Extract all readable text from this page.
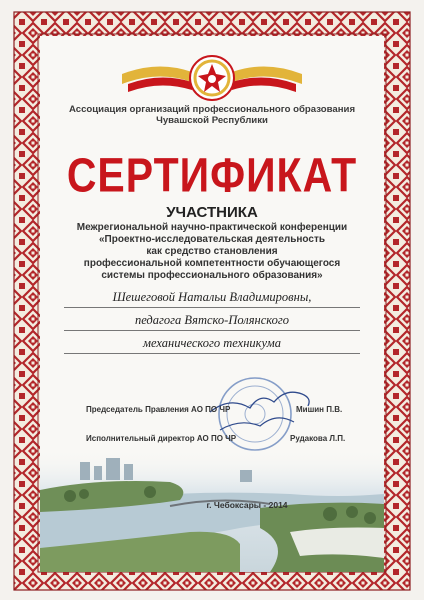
Ассоциация организаций профессионального образования
Чувашской Республики
СЕРТИФИКАТ
УЧАСТНИКА
Межрегиональной научно-практической конференции
«Проектно-исследовательская деятельность
как средство становления
профессиональной компетентности обучающегося
системы профессионального образования»
Шешеговой Натальи Владимировны,
педагога Вятско-Полянского
механического техникума
Председатель Правления АО ПО ЧР	Мишин П.В.
Исполнительный директор АО ПО ЧР	Рудакова Л.П.
г. Чебоксары - 2014
